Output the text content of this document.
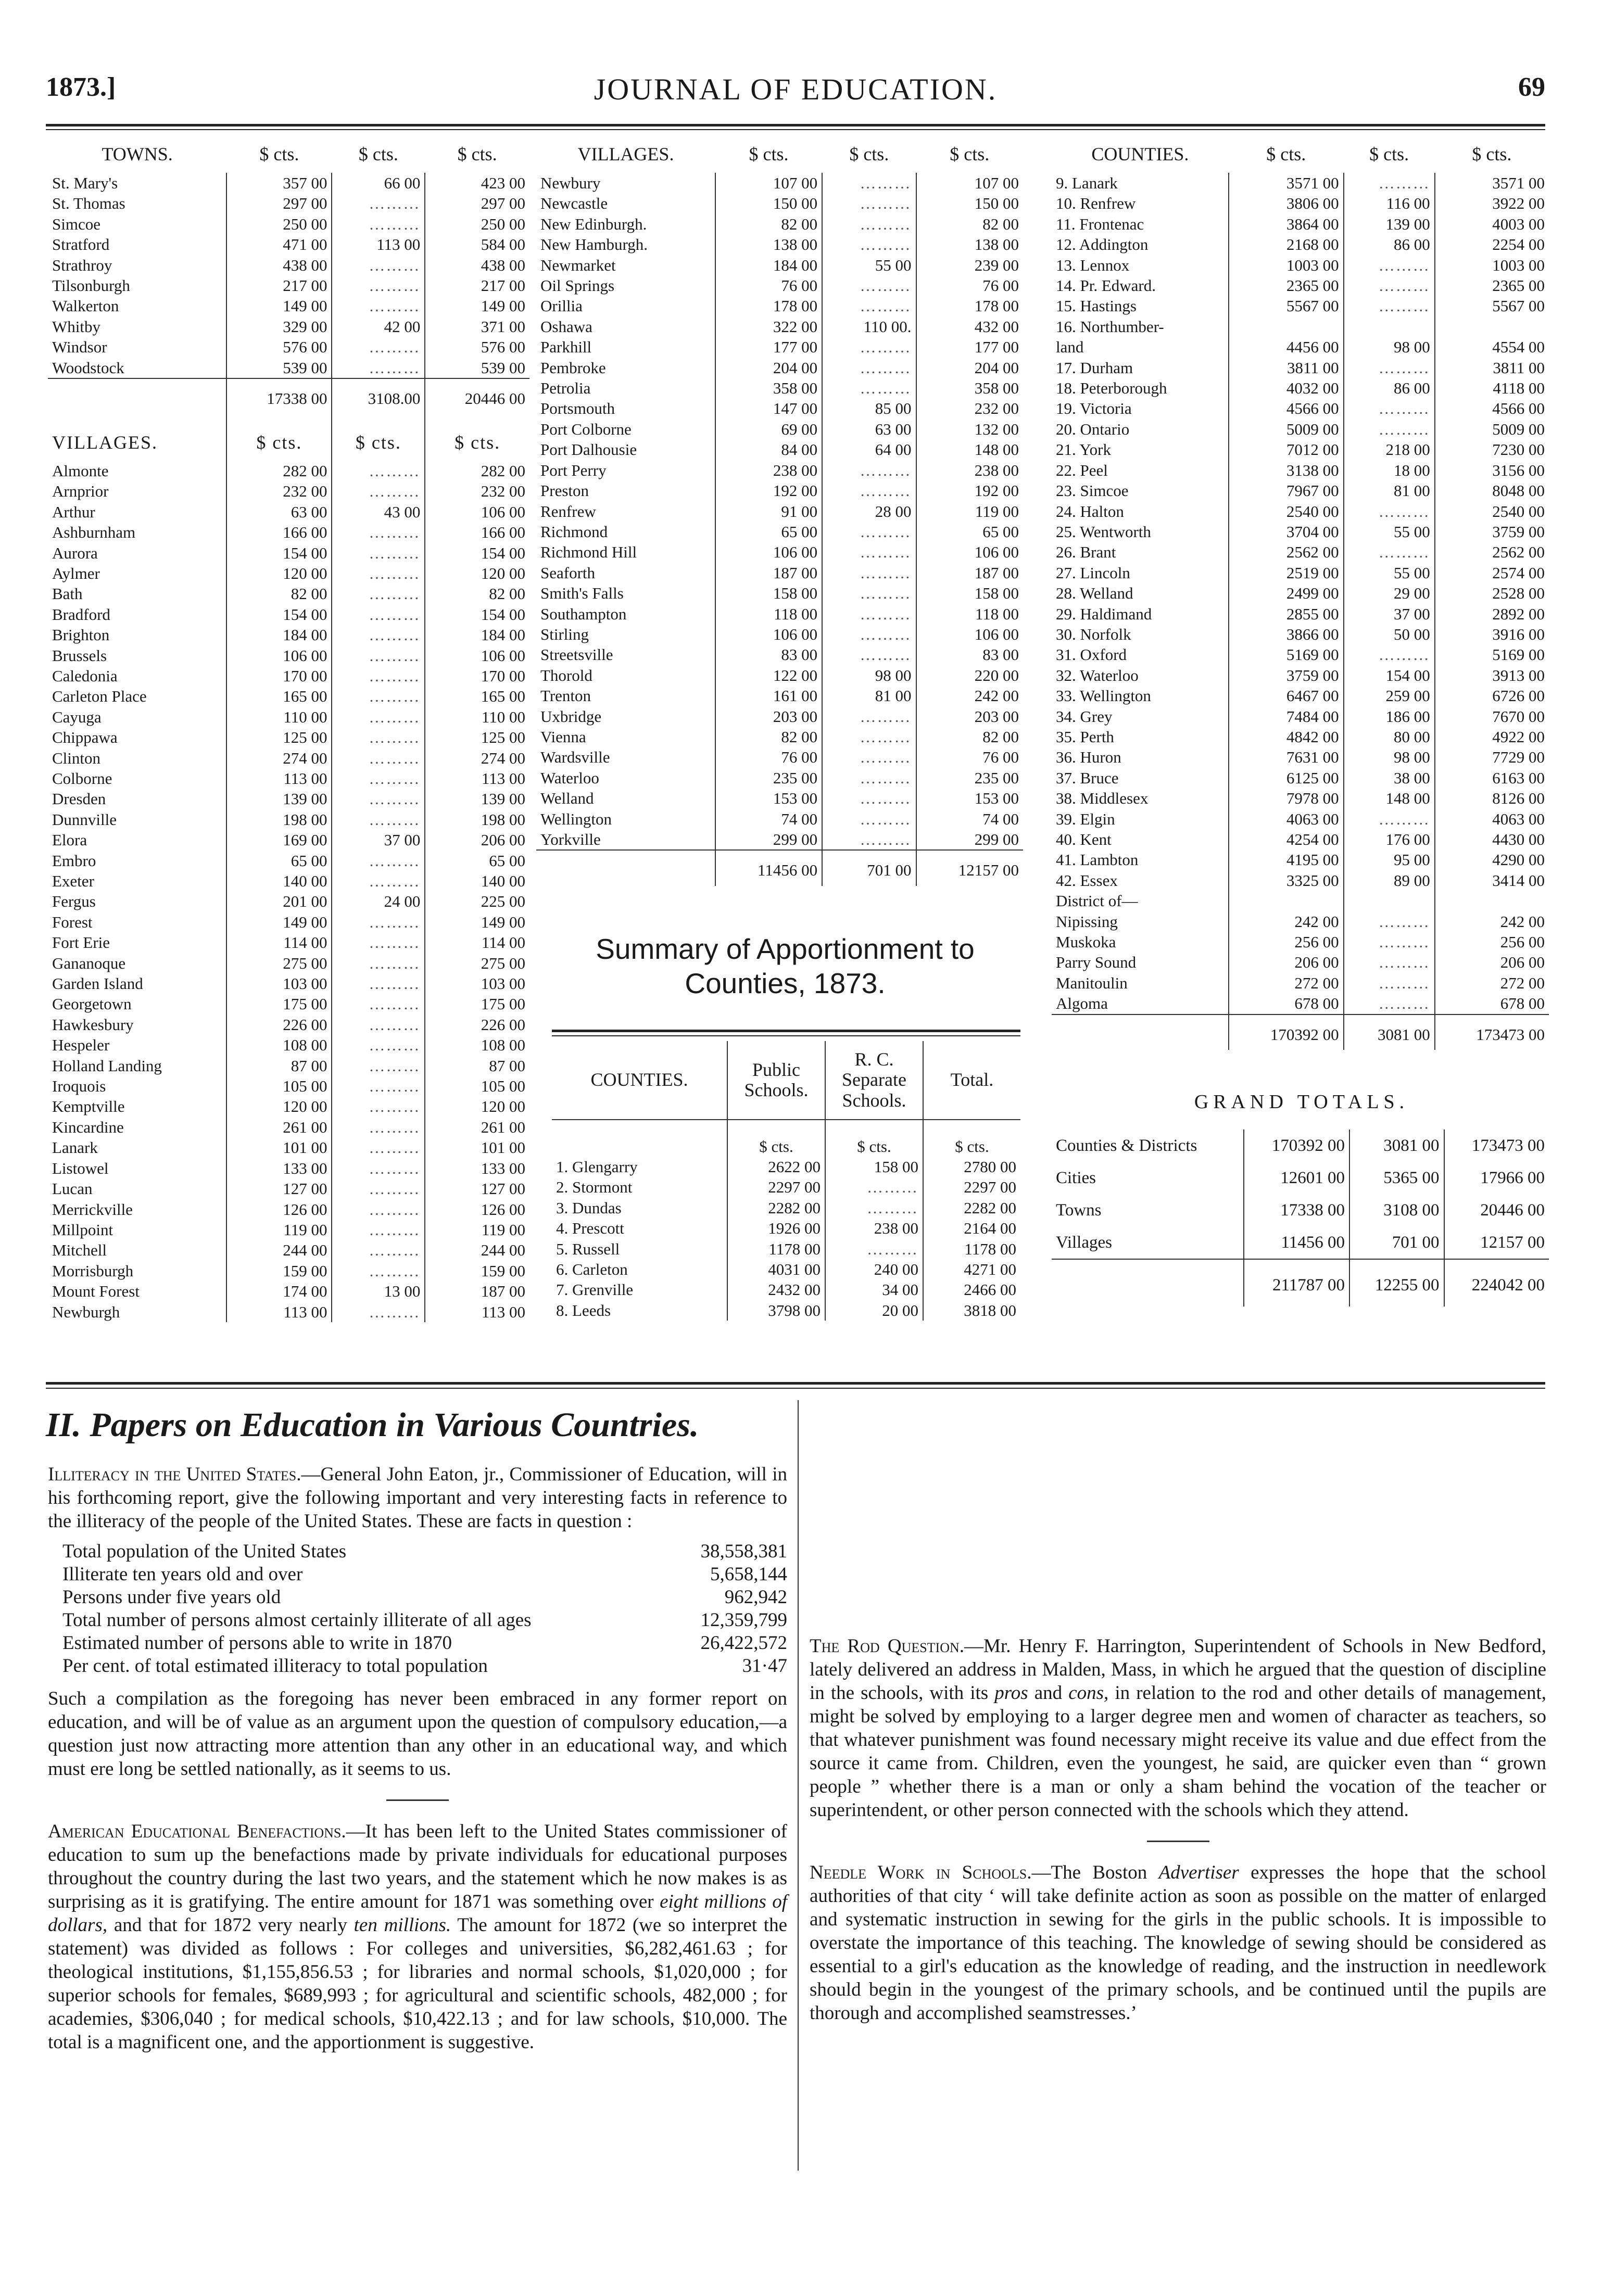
1873.]	JOURNAL OF EDUCATION.	69
TOWNS.	$ cts.	$ cts.	$ cts.
St. Mary's	357 00	66 00	423 00
St. Thomas	297 00	………	297 00
Simcoe	250 00	………	250 00
Stratford	471 00	113 00	584 00
Strathroy	438 00	………	438 00
Tilsonburgh	217 00	………	217 00
Walkerton	149 00	………	149 00
Whitby	329 00	42 00	371 00
Windsor	576 00	………	576 00
Woodstock	539 00	………	539 00
	17338 00	3108.00	20446 00
VILLAGES.	$ cts.	$ cts.	$ cts.
Almonte	282 00	………	282 00
Arnprior	232 00	………	232 00
Arthur	63 00	43 00	106 00
Ashburnham	166 00	………	166 00
Aurora	154 00	………	154 00
Aylmer	120 00	………	120 00
Bath	82 00	………	82 00
Bradford	154 00	………	154 00
Brighton	184 00	………	184 00
Brussels	106 00	………	106 00
Caledonia	170 00	………	170 00
Carleton Place	165 00	………	165 00
Cayuga	110 00	………	110 00
Chippawa	125 00	………	125 00
Clinton	274 00	………	274 00
Colborne	113 00	………	113 00
Dresden	139 00	………	139 00
Dunnville	198 00	………	198 00
Elora	169 00	37 00	206 00
Embro	65 00	………	65 00
Exeter	140 00	………	140 00
Fergus	201 00	24 00	225 00
Forest	149 00	………	149 00
Fort Erie	114 00	………	114 00
Gananoque	275 00	………	275 00
Garden Island	103 00	………	103 00
Georgetown	175 00	………	175 00
Hawkesbury	226 00	………	226 00
Hespeler	108 00	………	108 00
Holland Landing	87 00	………	87 00
Iroquois	105 00	………	105 00
Kemptville	120 00	………	120 00
Kincardine	261 00	………	261 00
Lanark	101 00	………	101 00
Listowel	133 00	………	133 00
Lucan	127 00	………	127 00
Merrickville	126 00	………	126 00
Millpoint	119 00	………	119 00
Mitchell	244 00	………	244 00
Morrisburgh	159 00	………	159 00
Mount Forest	174 00	13 00	187 00
Newburgh	113 00	………	113 00
VILLAGES.	$ cts.	$ cts.	$ cts.
Newbury	107 00	………	107 00
Newcastle	150 00	………	150 00
New Edinburgh.	82 00	………	82 00
New Hamburgh.	138 00	………	138 00
Newmarket	184 00	55 00	239 00
Oil Springs	76 00	………	76 00
Orillia	178 00	………	178 00
Oshawa	322 00	110 00.	432 00
Parkhill	177 00	………	177 00
Pembroke	204 00	………	204 00
Petrolia	358 00	………	358 00
Portsmouth	147 00	85 00	232 00
Port Colborne	69 00	63 00	132 00
Port Dalhousie	84 00	64 00	148 00
Port Perry	238 00	………	238 00
Preston	192 00	………	192 00
Renfrew	91 00	28 00	119 00
Richmond	65 00	………	65 00
Richmond Hill	106 00	………	106 00
Seaforth	187 00	………	187 00
Smith's Falls	158 00	………	158 00
Southampton	118 00	………	118 00
Stirling	106 00	………	106 00
Streetsville	83 00	………	83 00
Thorold	122 00	98 00	220 00
Trenton	161 00	81 00	242 00
Uxbridge	203 00	………	203 00
Vienna	82 00	………	82 00
Wardsville	76 00	………	76 00
Waterloo	235 00	………	235 00
Welland	153 00	………	153 00
Wellington	74 00	………	74 00
Yorkville	299 00	………	299 00
	11456 00	701 00	12157 00
Summary of Apportionment to
Counties, 1873.
COUNTIES.	Public Schools.	R. C. Separate Schools.	Total.
	$ cts.	$ cts.	$ cts.
1. Glengarry	2622 00	158 00	2780 00
2. Stormont	2297 00	………	2297 00
3. Dundas	2282 00	………	2282 00
4. Prescott	1926 00	238 00	2164 00
5. Russell	1178 00	………	1178 00
6. Carleton	4031 00	240 00	4271 00
7. Grenville	2432 00	34 00	2466 00
8. Leeds	3798 00	20 00	3818 00
COUNTIES.	$ cts.	$ cts.	$ cts.
9. Lanark	3571 00	………	3571 00
10. Renfrew	3806 00	116 00	3922 00
11. Frontenac	3864 00	139 00	4003 00
12. Addington	2168 00	86 00	2254 00
13. Lennox	1003 00	………	1003 00
14. Pr. Edward.	2365 00	………	2365 00
15. Hastings	5567 00	………	5567 00
16. Northumber-			
land	4456 00	98 00	4554 00
17. Durham	3811 00	………	3811 00
18. Peterborough	4032 00	86 00	4118 00
19. Victoria	4566 00	………	4566 00
20. Ontario	5009 00	………	5009 00
21. York	7012 00	218 00	7230 00
22. Peel	3138 00	18 00	3156 00
23. Simcoe	7967 00	81 00	8048 00
24. Halton	2540 00	………	2540 00
25. Wentworth	3704 00	55 00	3759 00
26. Brant	2562 00	………	2562 00
27. Lincoln	2519 00	55 00	2574 00
28. Welland	2499 00	29 00	2528 00
29. Haldimand	2855 00	37 00	2892 00
30. Norfolk	3866 00	50 00	3916 00
31. Oxford	5169 00	………	5169 00
32. Waterloo	3759 00	154 00	3913 00
33. Wellington	6467 00	259 00	6726 00
34. Grey	7484 00	186 00	7670 00
35. Perth	4842 00	80 00	4922 00
36. Huron	7631 00	98 00	7729 00
37. Bruce	6125 00	38 00	6163 00
38. Middlesex	7978 00	148 00	8126 00
39. Elgin	4063 00	………	4063 00
40. Kent	4254 00	176 00	4430 00
41. Lambton	4195 00	95 00	4290 00
42. Essex	3325 00	89 00	3414 00
District of—			
Nipissing	242 00	………	242 00
Muskoka	256 00	………	256 00
Parry Sound	206 00	………	206 00
Manitoulin	272 00	………	272 00
Algoma	678 00	………	678 00
	170392 00	3081 00	173473 00
GRAND TOTALS.
Counties & Districts	170392 00	3081 00	173473 00
Cities	12601 00	5365 00	17966 00
Towns	17338 00	3108 00	20446 00
Villages	11456 00	701 00	12157 00
	211787 00	12255 00	224042 00
II. Papers on Education in Various Countries.

Illiteracy in the United States.—General John Eaton, jr., Commissioner of Education, will in his forthcoming report, give the following important and very interesting facts in reference to the illiteracy of the people of the United States. These are facts in question :

Total population of the United States	38,558,381
Illiterate ten years old and over	5,658,144
Persons under five years old	962,942
Total number of persons almost certainly illiterate of all ages	12,359,799
Estimated number of persons able to write in 1870	26,422,572
Per cent. of total estimated illiteracy to total population	31·47

Such a compilation as the foregoing has never been embraced in any former report on education, and will be of value as an argument upon the question of compulsory education,—a question just now attracting more attention than any other in an educational way, and which must ere long be settled nationally, as it seems to us.

American Educational Benefactions.—It has been left to the United States commissioner of education to sum up the benefactions made by private individuals for educational purposes throughout the country during the last two years, and the statement which he now makes is as surprising as it is gratifying. The entire amount for 1871 was something over eight millions of dollars, and that for 1872 very nearly ten millions. The amount for 1872 (we so interpret the statement) was divided as follows : For colleges and universities, $6,282,461.63 ; for theological institutions, $1,155,856.53 ; for libraries and normal schools, $1,020,000 ; for superior schools for females, $689,993 ; for agricultural and scientific schools, 482,000 ; for academies, $306,040 ; for medical schools, $10,422.13 ; and for law schools, $10,000. The total is a magnificent one, and the apportionment is suggestive.

The Rod Question.—Mr. Henry F. Harrington, Superintendent of Schools in New Bedford, lately delivered an address in Malden, Mass, in which he argued that the question of discipline in the schools, with its pros and cons, in relation to the rod and other details of management, might be solved by employing to a larger degree men and women of character as teachers, so that whatever punishment was found necessary might receive its value and due effect from the source it came from. Children, even the youngest, he said, are quicker even than “ grown people ” whether there is a man or only a sham behind the vocation of the teacher or superintendent, or other person connected with the schools which they attend.

Needle Work in Schools.—The Boston Advertiser expresses the hope that the school authorities of that city ‘ will take definite action as soon as possible on the matter of enlarged and systematic instruction in sewing for the girls in the public schools. It is impossible to overstate the importance of this teaching. The knowledge of sewing should be considered as essential to a girl's education as the knowledge of reading, and the instruction in needlework should begin in the youngest of the primary schools, and be continued until the pupils are thorough and accomplished seamstresses.’
